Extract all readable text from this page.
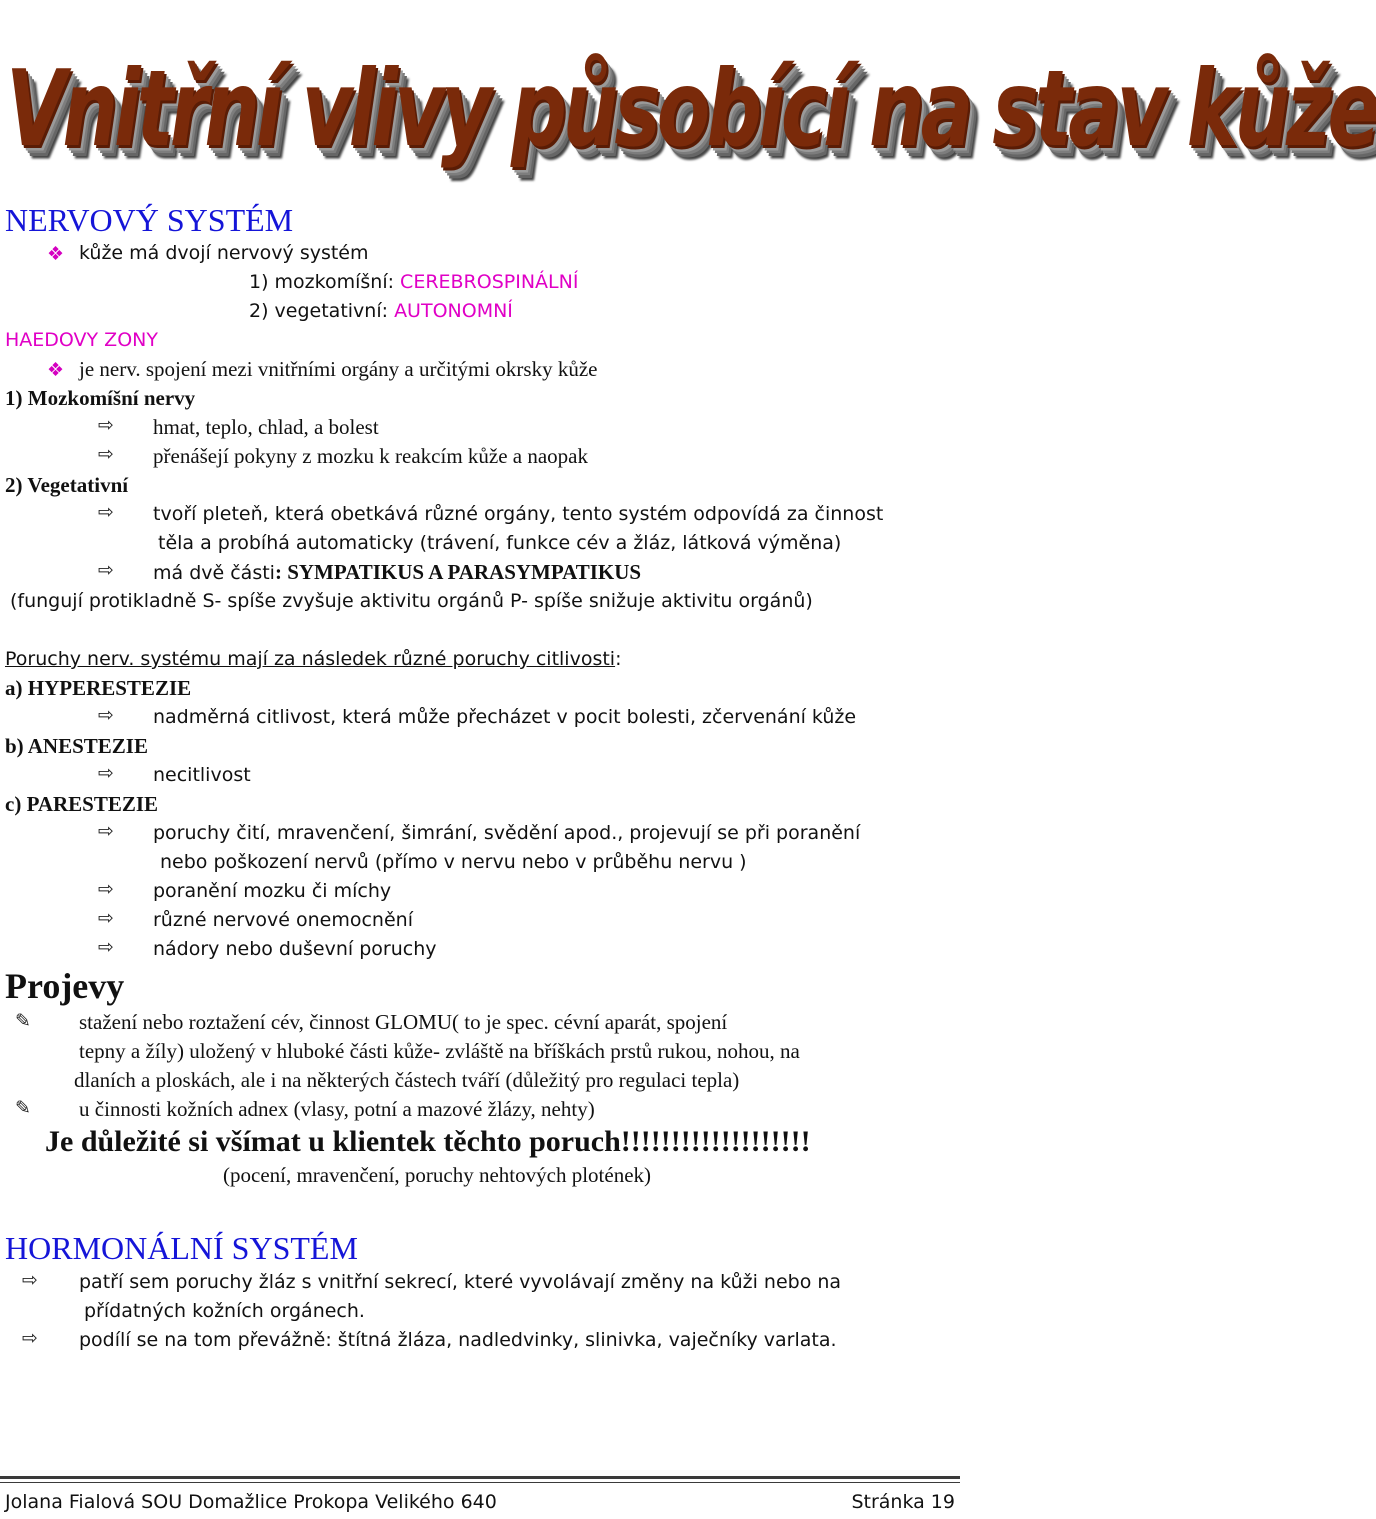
Vnitřní vlivy působící na stav kůže
NERVOVÝ SYSTÉM
❖ kůže má dvojí nervový systém
1) mozkomíšní: CEREBROSPINÁLNÍ
2) vegetativní: AUTONOMNÍ
HAEDOVY ZONY
❖ je nerv. spojení mezi vnitřními orgány a určitými okrsky kůže
1) Mozkomíšní nervy
⇨ hmat, teplo, chlad, a bolest
⇨ přenášejí pokyny z mozku k reakcím kůže a naopak
2) Vegetativní
⇨ tvoří pleteň, která obetkává různé orgány, tento systém odpovídá za činnost
těla a probíhá automaticky (trávení, funkce cév a žláz, látková výměna)
⇨ má dvě části: SYMPATIKUS A PARASYMPATIKUS
(fungují protikladně S- spíše zvyšuje aktivitu orgánů P- spíše snižuje aktivitu orgánů)
Poruchy nerv. systému mají za následek různé poruchy citlivosti:
a) HYPERESTEZIE
⇨ nadměrná citlivost, která může přecházet v pocit bolesti, zčervenání kůže
b) ANESTEZIE
⇨ necitlivost
c) PARESTEZIE
⇨ poruchy čití, mravenčení, šimrání, svědění apod., projevují se při poranění
nebo poškození nervů (přímo v nervu nebo v průběhu nervu )
⇨ poranění mozku či míchy
⇨ různé nervové onemocnění
⇨ nádory nebo duševní poruchy
Projevy
✎ stažení nebo roztažení cév, činnost GLOMU( to je spec. cévní aparát, spojení
tepny a žíly) uložený v hluboké části kůže- zvláště na bříškách prstů rukou, nohou, na
dlaních a ploskách, ale i na některých částech tváří (důležitý pro regulaci tepla)
✎ u činnosti kožních adnex (vlasy, potní a mazové žlázy, nehty)
Je důležité si všímat u klientek těchto poruch!!!!!!!!!!!!!!!!!!!
(pocení, mravenčení, poruchy nehtových plotének)
HORMONÁLNÍ SYSTÉM
⇨ patří sem poruchy žláz s vnitřní sekrecí, které vyvolávají změny na kůži nebo na
přídatných kožních orgánech.
⇨ podílí se na tom převážně: štítná žláza, nadledvinky, slinivka, vaječníky varlata.
Jolana Fialová SOU Domažlice Prokopa Velikého 640	Stránka 19
